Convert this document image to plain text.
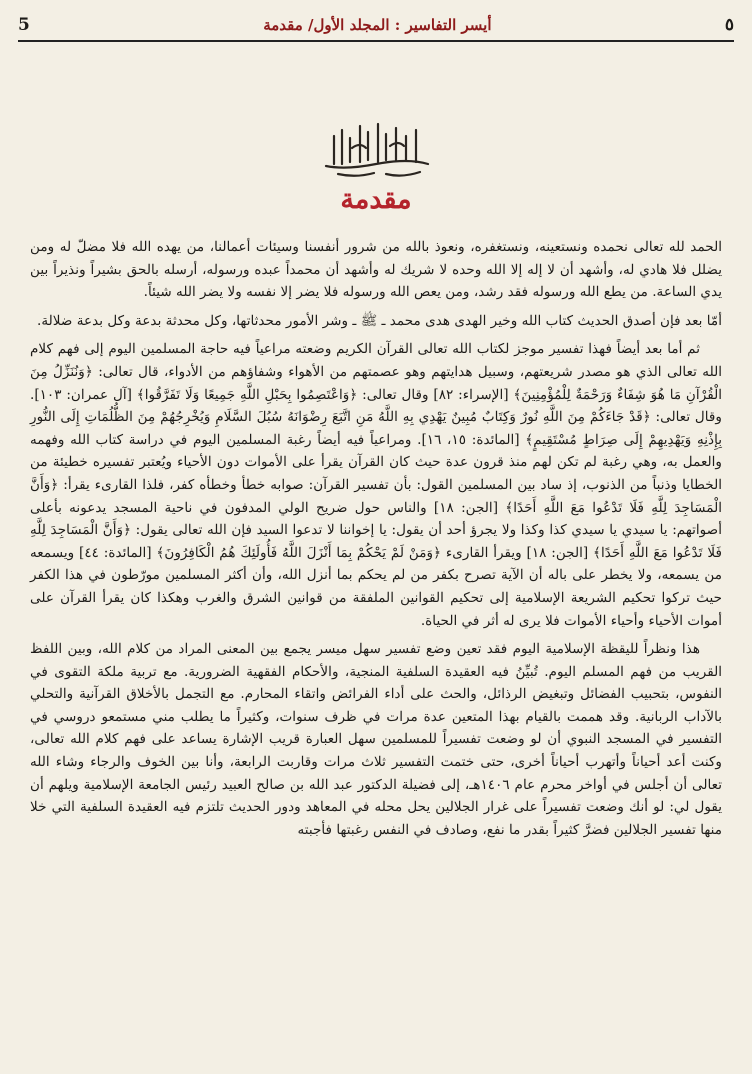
5	أيسر التفاسير : المجلد الأول/ مقدمة	٥
مقدمة

الحمد لله تعالى نحمده ونستعينه، ونستغفره، ونعوذ بالله من شرور أنفسنا وسيئات أعمالنا، من يهده الله فلا مضلّ له ومن يضلل فلا هادي له، وأشهد أن لا إله إلا الله وحده لا شريك له وأشهد أن محمداً عبده ورسوله، أرسله بالحق بشيراً ونذيراً بين يدي الساعة. من يطع الله ورسوله فقد رشد، ومن يعص الله ورسوله فلا يضر إلا نفسه ولا يضر الله شيئاً.

أمّا بعد فإن أصدق الحديث كتاب الله وخير الهدى هدى محمد ـ ﷺ ـ وشر الأمور محدثاتها، وكل محدثة بدعة وكل بدعة ضلالة.

ثم أما بعد أيضاً فهذا تفسير موجز لكتاب الله تعالى القرآن الكريم وضعته مراعياً فيه حاجة المسلمين اليوم إلى فهم كلام الله تعالى الذي هو مصدر شريعتهم، وسبيل هدايتهم وهو عصمتهم من الأهواء وشفاؤهم من الأدواء، قال تعالى: ﴿وَنُنَزِّلُ مِنَ الْقُرْآنِ مَا هُوَ شِفَاءٌ وَرَحْمَةٌ لِلْمُؤْمِنِينَ﴾ [الإسراء: ٨٢] وقال تعالى: ﴿وَاعْتَصِمُوا بِحَبْلِ اللَّهِ جَمِيعًا وَلَا تَفَرَّقُوا﴾ [آل عمران: ١٠٣]. وقال تعالى: ﴿قَدْ جَاءَكُمْ مِنَ اللَّهِ نُورٌ وَكِتَابٌ مُبِينٌ يَهْدِي بِهِ اللَّهُ مَنِ اتَّبَعَ رِضْوَانَهُ سُبُلَ السَّلَامِ وَيُخْرِجُهُمْ مِنَ الظُّلُمَاتِ إِلَى النُّورِ بِإِذْنِهِ وَيَهْدِيهِمْ إِلَى صِرَاطٍ مُسْتَقِيمٍ﴾ [المائدة: ١٥، ١٦]. ومراعياً فيه أيضاً رغبة المسلمين اليوم في دراسة كتاب الله وفهمه والعمل به، وهي رغبة لم تكن لهم منذ قرون عدة حيث كان القرآن يقرأ على الأموات دون الأحياء ويُعتبر تفسيره خطيئة من الخطايا وذنباً من الذنوب، إذ ساد بين المسلمين القول: بأن تفسير القرآن: صوابه خطأ وخطأه كفر، فلذا القارىء يقرأ: ﴿وَأَنَّ الْمَسَاجِدَ لِلَّهِ فَلَا تَدْعُوا مَعَ اللَّهِ أَحَدًا﴾ [الجن: ١٨] والناس حول ضريح الولي المدفون في ناحية المسجد يدعونه بأعلى أصواتهم: يا سيدي يا سيدي كذا وكذا ولا يجرؤ أحد أن يقول: يا إخواننا لا تدعوا السيد فإن الله تعالى يقول: ﴿وَأَنَّ الْمَسَاجِدَ لِلَّهِ فَلَا تَدْعُوا مَعَ اللَّهِ أَحَدًا﴾ [الجن: ١٨] ويقرأ القارىء ﴿وَمَنْ لَمْ يَحْكُمْ بِمَا أَنْزَلَ اللَّهُ فَأُولَئِكَ هُمُ الْكَافِرُونَ﴾ [المائدة: ٤٤] ويسمعه من يسمعه، ولا يخطر على باله أن الآية تصرح بكفر من لم يحكم بما أنزل الله، وأن أكثر المسلمين مورّطون في هذا الكفر حيث تركوا تحكيم الشريعة الإسلامية إلى تحكيم القوانين الملفقة من قوانين الشرق والغرب وهكذا كان يقرأ القرآن على أموات الأحياء وأحياء الأموات فلا يرى له أثر في الحياة.

هذا ونظراً لليقظة الإسلامية اليوم فقد تعين وضع تفسير سهل ميسر يجمع بين المعنى المراد من كلام الله، وبين اللفظ القريب من فهم المسلم اليوم. تُبيِّنُ فيه العقيدة السلفية المنجية، والأحكام الفقهية الضرورية. مع تربية ملكة التقوى في النفوس، بتحبيب الفضائل وتبغيض الرذائل، والحث على أداء الفرائض واتقاء المحارم. مع التجمل بالأخلاق القرآنية والتحلي بالآداب الربانية. وقد هممت بالقيام بهذا المتعين عدة مرات في ظرف سنوات، وكثيراً ما يطلب مني مستمعو دروسي في التفسير في المسجد النبوي أن لو وضعت تفسيراً للمسلمين سهل العبارة قريب الإشارة يساعد على فهم كلام الله تعالى، وكنت أعد أحياناً وأتهرب أحياناً أخرى، حتى ختمت التفسير ثلاث مرات وقاربت الرابعة، وأنا بين الخوف والرجاء وشاء الله تعالى أن أجلس في أواخر محرم عام ١٤٠٦هـ، إلى فضيلة الدكتور عبد الله بن صالح العبيد رئيس الجامعة الإسلامية ويلهم أن يقول لي: لو أنك وضعت تفسيراً على غرار الجلالين يحل محله في المعاهد ودور الحديث تلتزم فيه العقيدة السلفية التي خلا منها تفسير الجلالين فضرَّ كثيراً بقدر ما نفع، وصادف في النفس رغبتها فأجبته
